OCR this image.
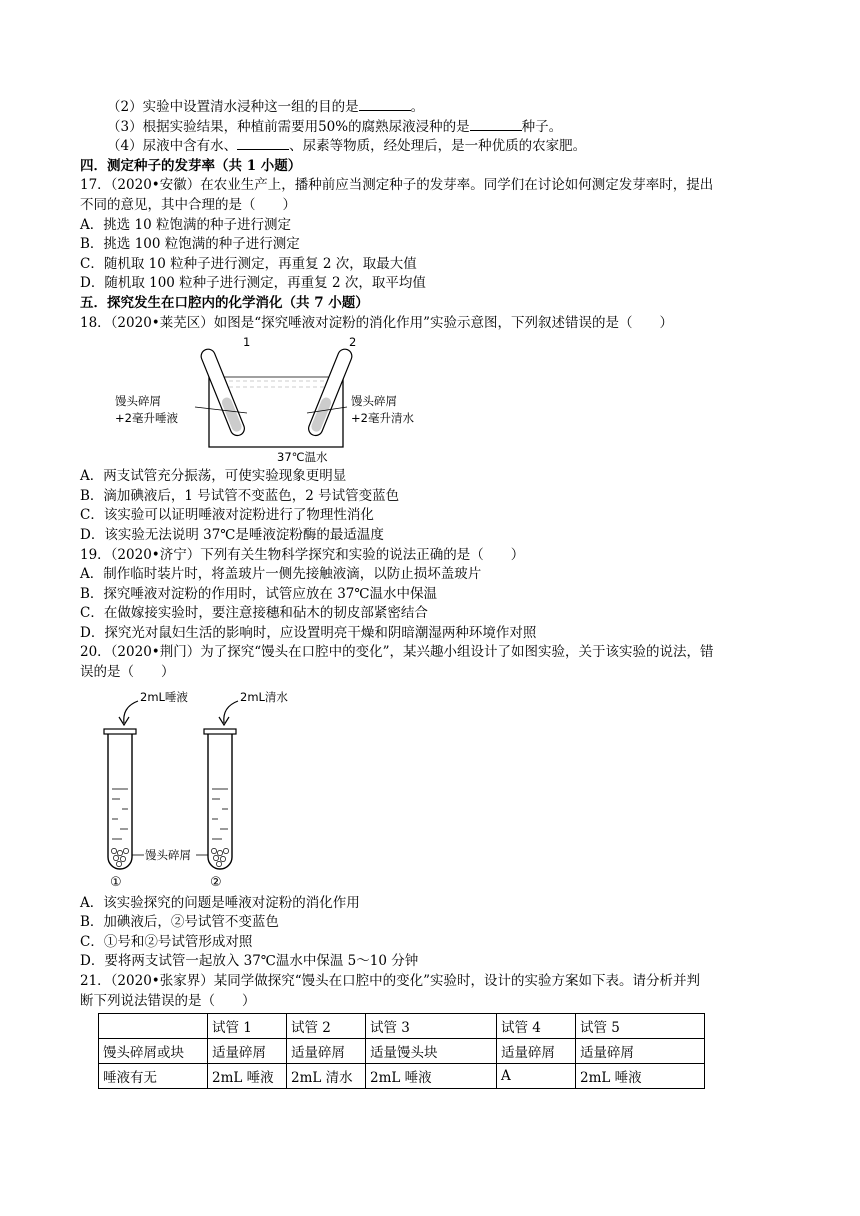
（2）实验中设置清水浸种这一组的目的是	。
（3）根据实验结果，种植前需要用50%的腐熟尿液浸种的是	种子。
（4）尿液中含有水、	、尿素等物质，经处理后，是一种优质的农家肥。
四．测定种子的发芽率（共 1 小题）
17．（2020•安徽）在农业生产上，播种前应当测定种子的发芽率。同学们在讨论如何测定发芽率时，提出
不同的意见，其中合理的是（　　）
A．挑选 10 粒饱满的种子进行测定
B．挑选 100 粒饱满的种子进行测定
C．随机取 10 粒种子进行测定，再重复 2 次，取最大值
D．随机取 100 粒种子进行测定，再重复 2 次，取平均值
五．探究发生在口腔内的化学消化（共 7 小题）
18．（2020•莱芜区）如图是“探究唾液对淀粉的消化作用”实验示意图，下列叙述错误的是（　　）
1	2
馒头碎屑
+2毫升唾液
馒头碎屑
+2毫升清水
37℃温水
A．两支试管充分振荡，可使实验现象更明显
B．滴加碘液后，1 号试管不变蓝色，2 号试管变蓝色
C．该实验可以证明唾液对淀粉进行了物理性消化
D．该实验无法说明 37℃是唾液淀粉酶的最适温度
19．（2020•济宁）下列有关生物科学探究和实验的说法正确的是（　　）
A．制作临时装片时，将盖玻片一侧先接触液滴，以防止损坏盖玻片
B．探究唾液对淀粉的作用时，试管应放在 37℃温水中保温
C．在做嫁接实验时，要注意接穗和砧木的韧皮部紧密结合
D．探究光对鼠妇生活的影响时，应设置明亮干燥和阴暗潮湿两种环境作对照
20．（2020•荆门）为了探究“馒头在口腔中的变化”，某兴趣小组设计了如图实验，关于该实验的说法，错
误的是（　　）
2mL唾液	2mL清水
馒头碎屑
①	②
A．该实验探究的问题是唾液对淀粉的消化作用
B．加碘液后，②号试管不变蓝色
C．①号和②号试管形成对照
D．要将两支试管一起放入 37℃温水中保温 5～10 分钟
21．（2020•张家界）某同学做探究“馒头在口腔中的变化”实验时，设计的实验方案如下表。请分析并判
断下列说法错误的是（　　）
	试管 1	试管 2	试管 3	试管 4	试管 5
馒头碎屑或块	适量碎屑	适量碎屑	适量馒头块	适量碎屑	适量碎屑
唾液有无	2mL 唾液	2mL 清水	2mL 唾液	A	2mL 唾液
